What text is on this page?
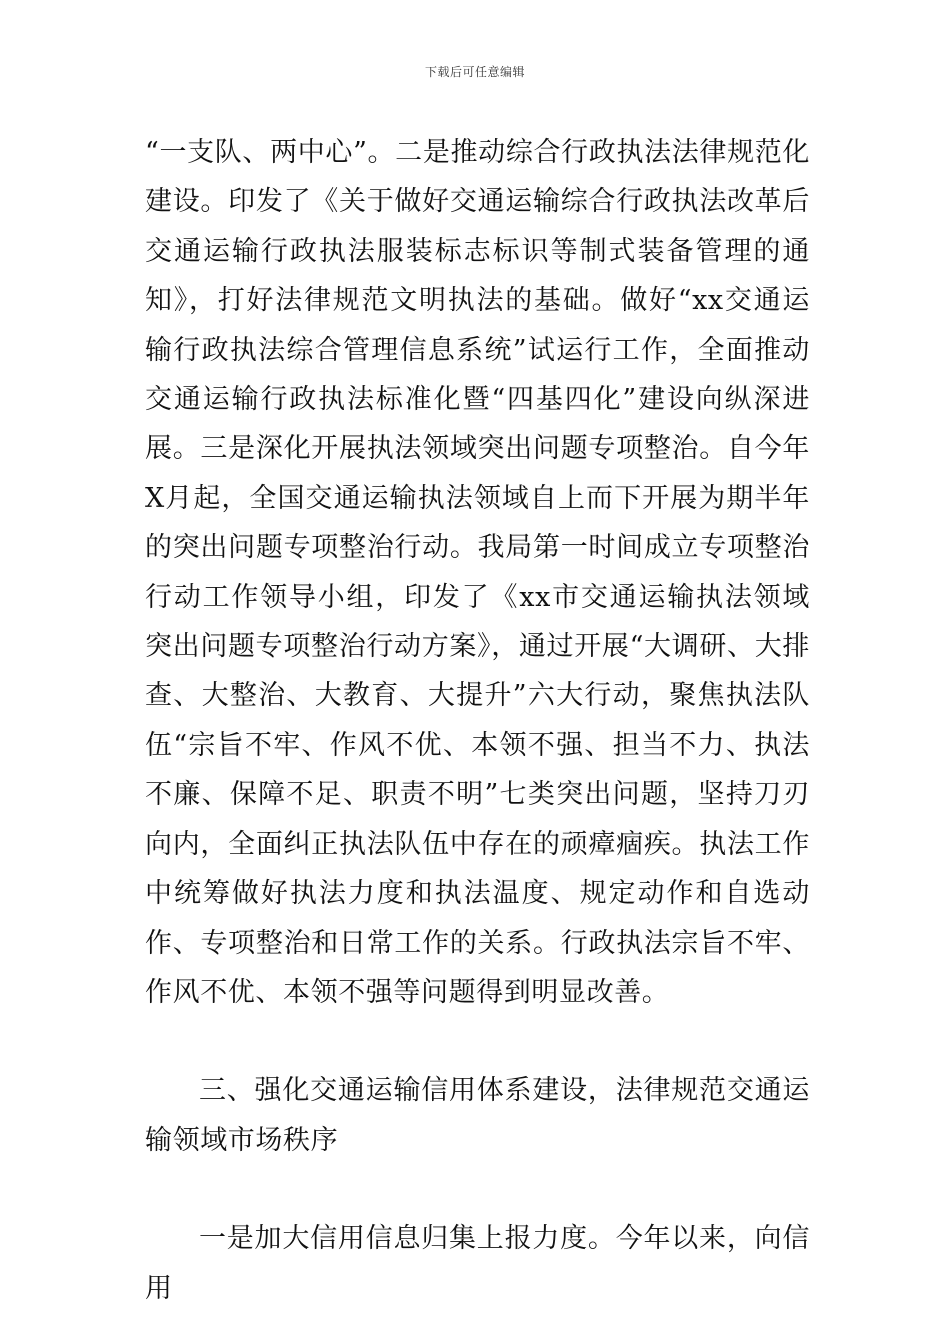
下载后可任意编辑

“一支队、两中心”。二是推动综合行政执法法律规范化建设。印发了《关于做好交通运输综合行政执法改革后交通运输行政执法服装标志标识等制式装备管理的通知》，打好法律规范文明执法的基础。做好“xx交通运输行政执法综合管理信息系统”试运行工作，全面推动交通运输行政执法标准化暨“四基四化”建设向纵深进展。三是深化开展执法领域突出问题专项整治。自今年X月起，全国交通运输执法领域自上而下开展为期半年的突出问题专项整治行动。我局第一时间成立专项整治行动工作领导小组，印发了《xx市交通运输执法领域突出问题专项整治行动方案》，通过开展“大调研、大排查、大整治、大教育、大提升”六大行动，聚焦执法队伍“宗旨不牢、作风不优、本领不强、担当不力、执法不廉、保障不足、职责不明”七类突出问题，坚持刀刃向内，全面纠正执法队伍中存在的顽瘴痼疾。执法工作中统筹做好执法力度和执法温度、规定动作和自选动作、专项整治和日常工作的关系。行政执法宗旨不牢、作风不优、本领不强等问题得到明显改善。

三、强化交通运输信用体系建设，法律规范交通运输领域市场秩序

一是加大信用信息归集上报力度。今年以来，向信用
